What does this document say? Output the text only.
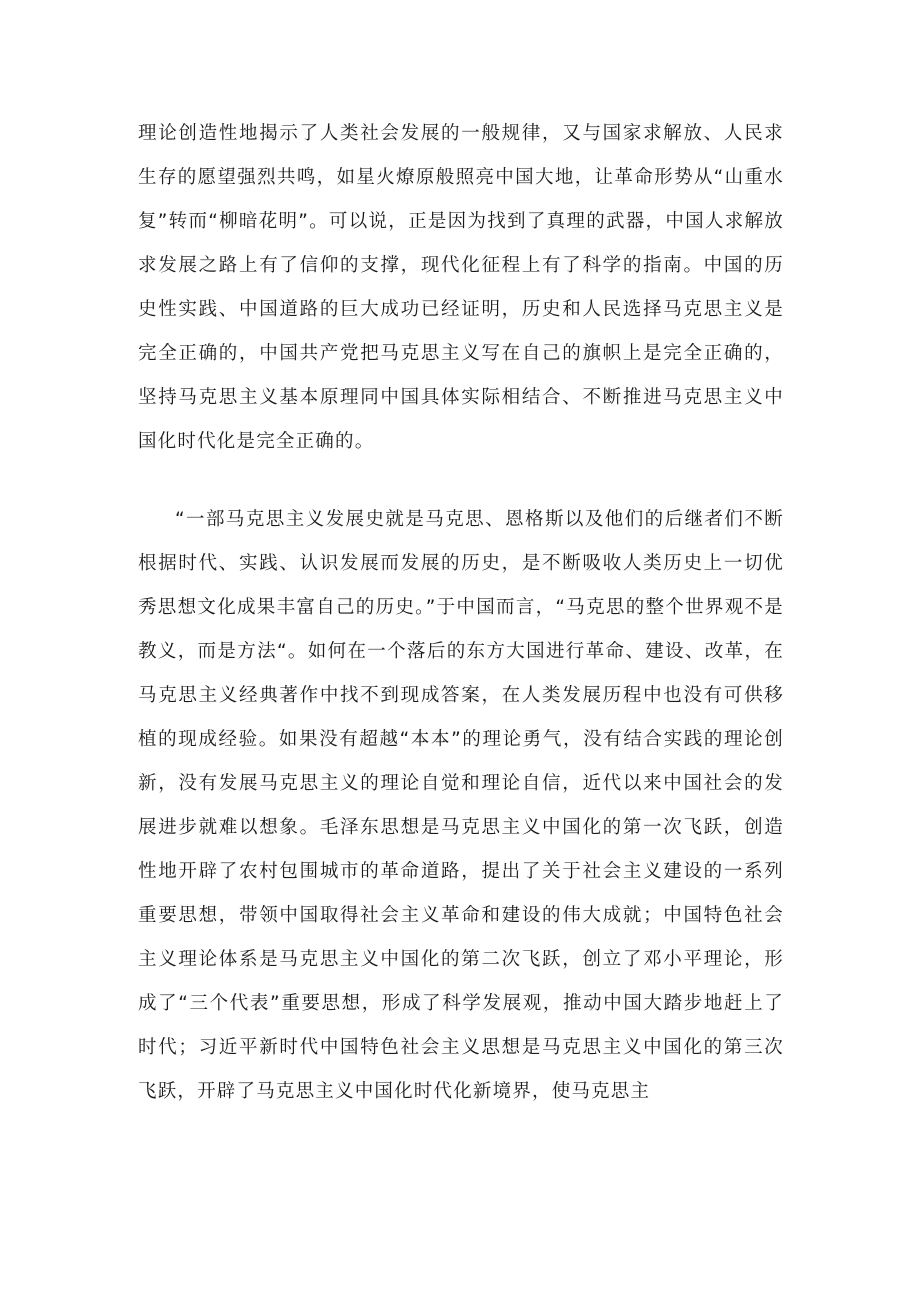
理论创造性地揭示了人类社会发展的一般规律，又与国家求解放、人民求生存的愿望强烈共鸣，如星火燎原般照亮中国大地，让革命形势从“山重水复”转而“柳暗花明”。可以说，正是因为找到了真理的武器，中国人求解放求发展之路上有了信仰的支撑，现代化征程上有了科学的指南。中国的历史性实践、中国道路的巨大成功已经证明，历史和人民选择马克思主义是完全正确的，中国共产党把马克思主义写在自己的旗帜上是完全正确的，坚持马克思主义基本原理同中国具体实际相结合、不断推进马克思主义中国化时代化是完全正确的。

“一部马克思主义发展史就是马克思、恩格斯以及他们的后继者们不断根据时代、实践、认识发展而发展的历史，是不断吸收人类历史上一切优秀思想文化成果丰富自己的历史。”于中国而言，“马克思的整个世界观不是教义，而是方法“。如何在一个落后的东方大国进行革命、建设、改革，在马克思主义经典著作中找不到现成答案，在人类发展历程中也没有可供移植的现成经验。如果没有超越“本本”的理论勇气，没有结合实践的理论创新，没有发展马克思主义的理论自觉和理论自信，近代以来中国社会的发展进步就难以想象。毛泽东思想是马克思主义中国化的第一次飞跃，创造性地开辟了农村包围城市的革命道路，提出了关于社会主义建设的一系列重要思想，带领中国取得社会主义革命和建设的伟大成就；中国特色社会主义理论体系是马克思主义中国化的第二次飞跃，创立了邓小平理论，形成了“三个代表”重要思想，形成了科学发展观，推动中国大踏步地赶上了时代；习近平新时代中国特色社会主义思想是马克思主义中国化的第三次飞跃，开辟了马克思主义中国化时代化新境界，使马克思主
